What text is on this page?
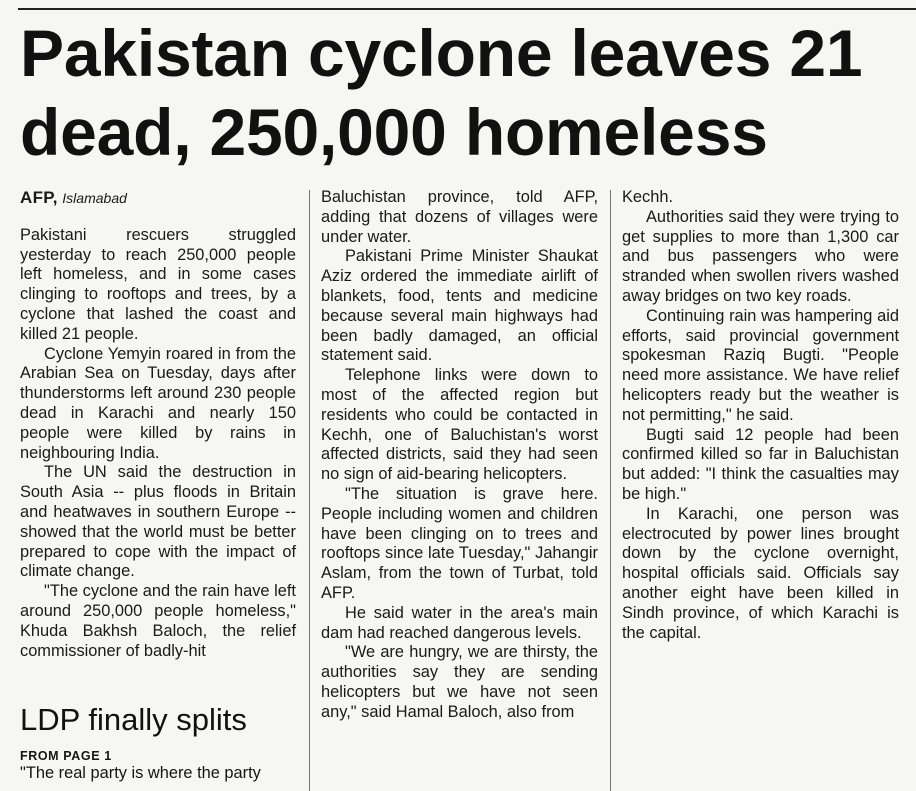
Pakistan cyclone leaves 21 dead, 250,000 homeless

AFP, Islamabad

Pakistani rescuers struggled yesterday to reach 250,000 people left homeless, and in some cases clinging to rooftops and trees, by a cyclone that lashed the coast and killed 21 people.

Cyclone Yemyin roared in from the Arabian Sea on Tuesday, days after thunderstorms left around 230 people dead in Karachi and nearly 150 people were killed by rains in neighbouring India.

The UN said the destruction in South Asia -- plus floods in Britain and heatwaves in southern Europe -- showed that the world must be better prepared to cope with the impact of climate change.

"The cyclone and the rain have left around 250,000 people homeless," Khuda Bakhsh Baloch, the relief commissioner of badly-hit

LDP finally splits

FROM PAGE 1

"The real party is where the party

Baluchistan province, told AFP, adding that dozens of villages were under water.

Pakistani Prime Minister Shaukat Aziz ordered the immediate airlift of blankets, food, tents and medicine because several main highways had been badly damaged, an official statement said.

Telephone links were down to most of the affected region but residents who could be contacted in Kechh, one of Baluchistan's worst affected districts, said they had seen no sign of aid-bearing helicopters.

"The situation is grave here. People including women and children have been clinging on to trees and rooftops since late Tuesday," Jahangir Aslam, from the town of Turbat, told AFP.

He said water in the area's main dam had reached dangerous levels.

"We are hungry, we are thirsty, the authorities say they are sending helicopters but we have not seen any," said Hamal Baloch, also from

Kechh.

Authorities said they were trying to get supplies to more than 1,300 car and bus passengers who were stranded when swollen rivers washed away bridges on two key roads.

Continuing rain was hampering aid efforts, said provincial government spokesman Raziq Bugti. "People need more assistance. We have relief helicopters ready but the weather is not permitting," he said.

Bugti said 12 people had been confirmed killed so far in Baluchistan but added: "I think the casualties may be high."

In Karachi, one person was electrocuted by power lines brought down by the cyclone overnight, hospital officials said. Officials say another eight have been killed in Sindh province, of which Karachi is the capital.
